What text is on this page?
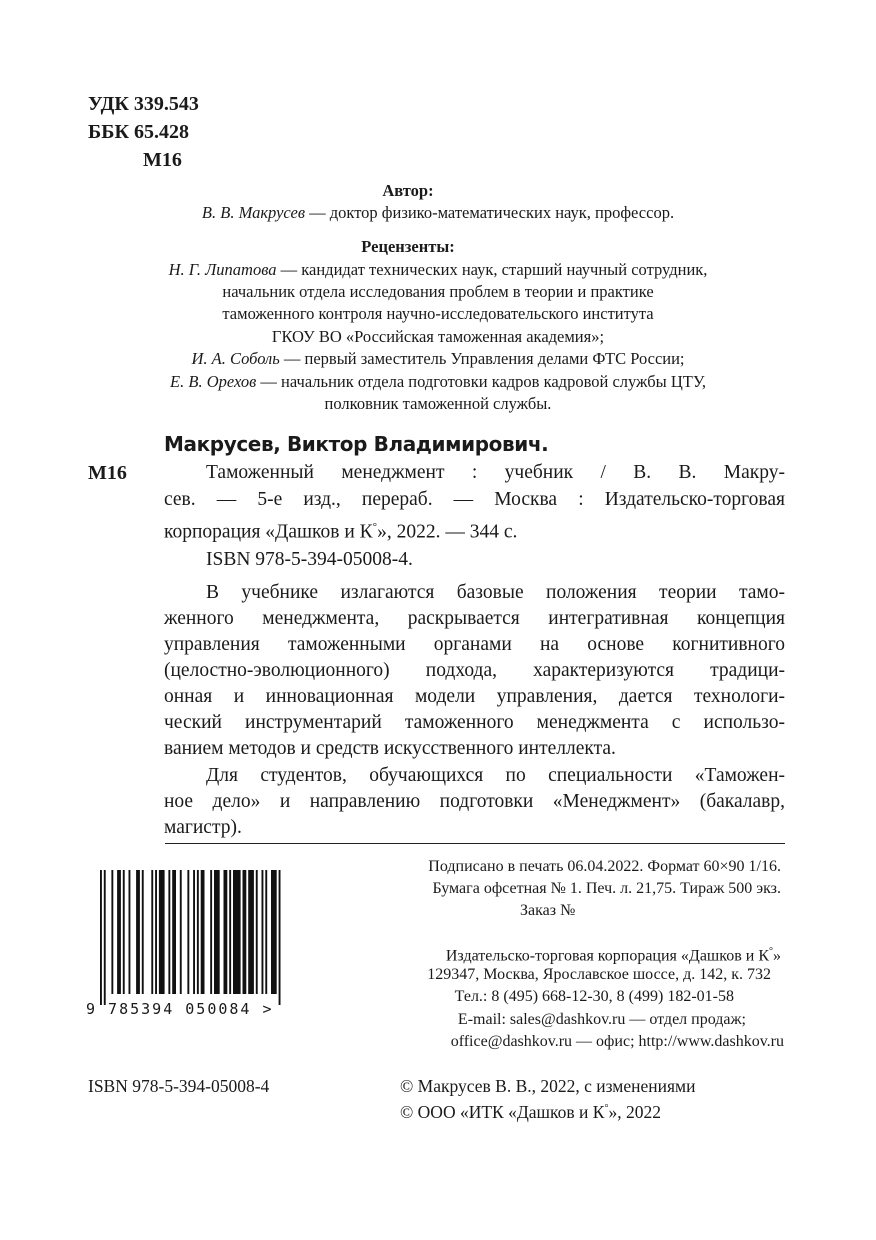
УДК 339.543
ББК 65.428
М16
Автор:
В. В. Макрусев — доктор физико-математических наук, профессор.
Рецензенты:
Н. Г. Липатова — кандидат технических наук, старший научный сотрудник,
начальник отдела исследования проблем в теории и практике
таможенного контроля научно-исследовательского института
ГКОУ ВО «Российская таможенная академия»;
И. А. Соболь — первый заместитель Управления делами ФТС России;
Е. В. Орехов — начальник отдела подготовки кадров кадровой службы ЦТУ,
полковник таможенной службы.
Макрусев, Виктор Владимирович.
М16	Таможенный менеджмент : учебник / В. В. Макру-
сев. — 5-е изд., перераб. — Москва : Издательско-торговая
корпорация «Дашков и К°», 2022. — 344 с.
ISBN 978-5-394-05008-4.
В учебнике излагаются базовые положения теории тамо-
женного менеджмента, раскрывается интегративная концепция
управления таможенными органами на основе когнитивного
(целостно-эволюционного) подхода, характеризуются традици-
онная и инновационная модели управления, дается технологи-
ческий инструментарий таможенного менеджмента с использо-
ванием методов и средств искусственного интеллекта.
Для студентов, обучающихся по специальности «Таможен-
ное дело» и направлению подготовки «Менеджмент» (бакалавр,
магистр).
Подписано в печать 06.04.2022. Формат 60×90 1/16.
Бумага офсетная № 1. Печ. л. 21,75. Тираж 500 экз.
Заказ №
Издательско-торговая корпорация «Дашков и К°»
129347, Москва, Ярославское шоссе, д. 142, к. 732
Тел.: 8 (495) 668-12-30, 8 (499) 182-01-58
E-mail: sales@dashkov.ru — отдел продаж;
office@dashkov.ru — офис; http://www.dashkov.ru
9 785394 050084 >
ISBN 978-5-394-05008-4	© Макрусев В. В., 2022, с изменениями
© ООО «ИТК «Дашков и К°», 2022
